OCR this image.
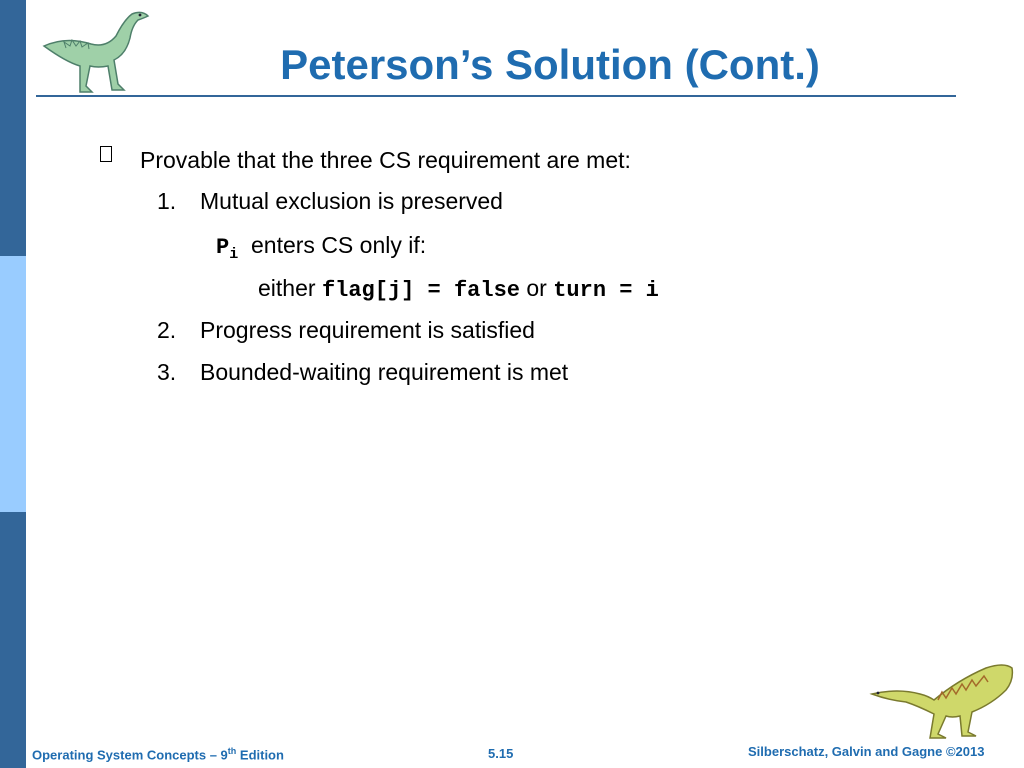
Peterson’s Solution (Cont.)
Provable that the three CS requirement are met:
1. Mutual exclusion is preserved
$P_i$ enters CS only if:
either flag[j] = false or turn = i
2. Progress requirement is satisfied
3. Bounded-waiting requirement is met
Operating System Concepts – 9th Edition	5.15	Silberschatz, Galvin and Gagne ©2013
